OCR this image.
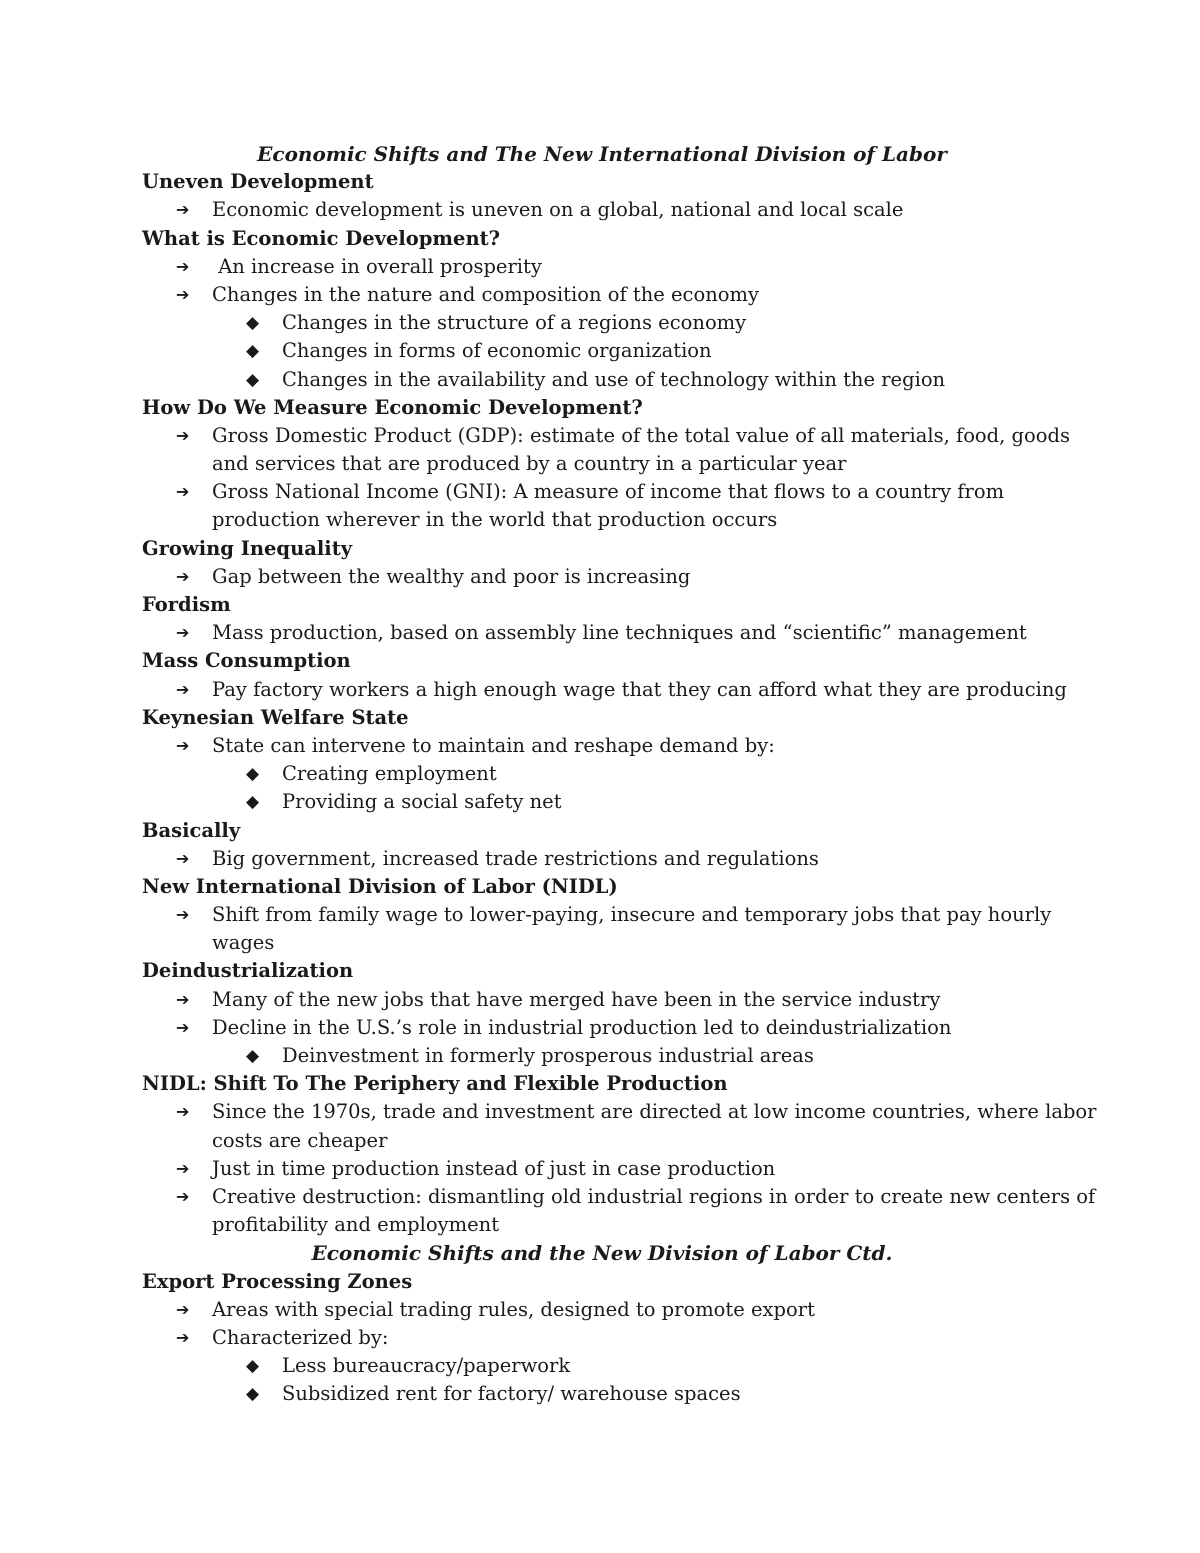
Economic Shifts and The New International Division of Labor
Uneven Development
➔ Economic development is uneven on a global, national and local scale
What is Economic Development?
➔ An increase in overall prosperity
➔ Changes in the nature and composition of the economy
◆ Changes in the structure of a regions economy
◆ Changes in forms of economic organization
◆ Changes in the availability and use of technology within the region
How Do We Measure Economic Development?
➔ Gross Domestic Product (GDP): estimate of the total value of all materials, food, goods
and services that are produced by a country in a particular year
➔ Gross National Income (GNI): A measure of income that flows to a country from
production wherever in the world that production occurs
Growing Inequality
➔ Gap between the wealthy and poor is increasing
Fordism
➔ Mass production, based on assembly line techniques and “scientific” management
Mass Consumption
➔ Pay factory workers a high enough wage that they can afford what they are producing
Keynesian Welfare State
➔ State can intervene to maintain and reshape demand by:
◆ Creating employment
◆ Providing a social safety net
Basically
➔ Big government, increased trade restrictions and regulations
New International Division of Labor (NIDL)
➔ Shift from family wage to lower-paying, insecure and temporary jobs that pay hourly
wages
Deindustrialization
➔ Many of the new jobs that have merged have been in the service industry
➔ Decline in the U.S.’s role in industrial production led to deindustrialization
◆ Deinvestment in formerly prosperous industrial areas
NIDL: Shift To The Periphery and Flexible Production
➔ Since the 1970s, trade and investment are directed at low income countries, where labor
costs are cheaper
➔ Just in time production instead of just in case production
➔ Creative destruction: dismantling old industrial regions in order to create new centers of
profitability and employment
Economic Shifts and the New Division of Labor Ctd.
Export Processing Zones
➔ Areas with special trading rules, designed to promote export
➔ Characterized by:
◆ Less bureaucracy/paperwork
◆ Subsidized rent for factory/ warehouse spaces
